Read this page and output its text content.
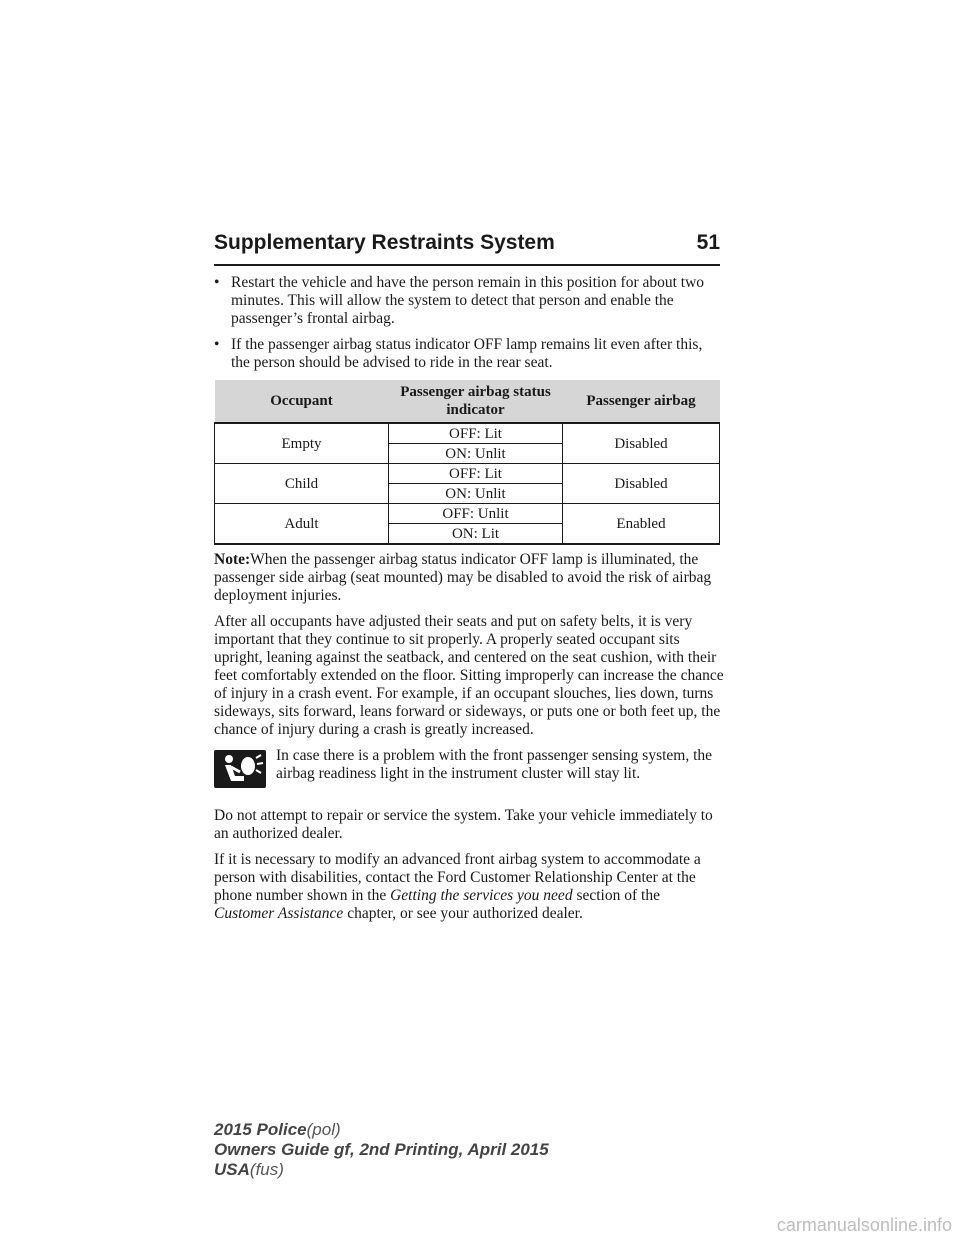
Supplementary Restraints System	51
• Restart the vehicle and have the person remain in this position for about two minutes. This will allow the system to detect that person and enable the passenger’s frontal airbag.
• If the passenger airbag status indicator OFF lamp remains lit even after this, the person should be advised to ride in the rear seat.
Occupant	Passenger airbag status indicator	Passenger airbag
Empty	OFF: Lit	Disabled
	ON: Unlit	
Child	OFF: Lit	Disabled
	ON: Unlit	
Adult	OFF: Unlit	Enabled
	ON: Lit	

Note:When the passenger airbag status indicator OFF lamp is illuminated, the passenger side airbag (seat mounted) may be disabled to avoid the risk of airbag deployment injuries.

After all occupants have adjusted their seats and put on safety belts, it is very important that they continue to sit properly. A properly seated occupant sits upright, leaning against the seatback, and centered on the seat cushion, with their feet comfortably extended on the floor. Sitting improperly can increase the chance of injury in a crash event. For example, if an occupant slouches, lies down, turns sideways, sits forward, leans forward or sideways, or puts one or both feet up, the chance of injury during a crash is greatly increased.

In case there is a problem with the front passenger sensing system, the airbag readiness light in the instrument cluster will stay lit.

Do not attempt to repair or service the system. Take your vehicle immediately to an authorized dealer.

If it is necessary to modify an advanced front airbag system to accommodate a person with disabilities, contact the Ford Customer Relationship Center at the phone number shown in the Getting the services you need section of the Customer Assistance chapter, or see your authorized dealer.

2015 Police(pol)
Owners Guide gf, 2nd Printing, April 2015
USA(fus)
carmanualsonline.info
